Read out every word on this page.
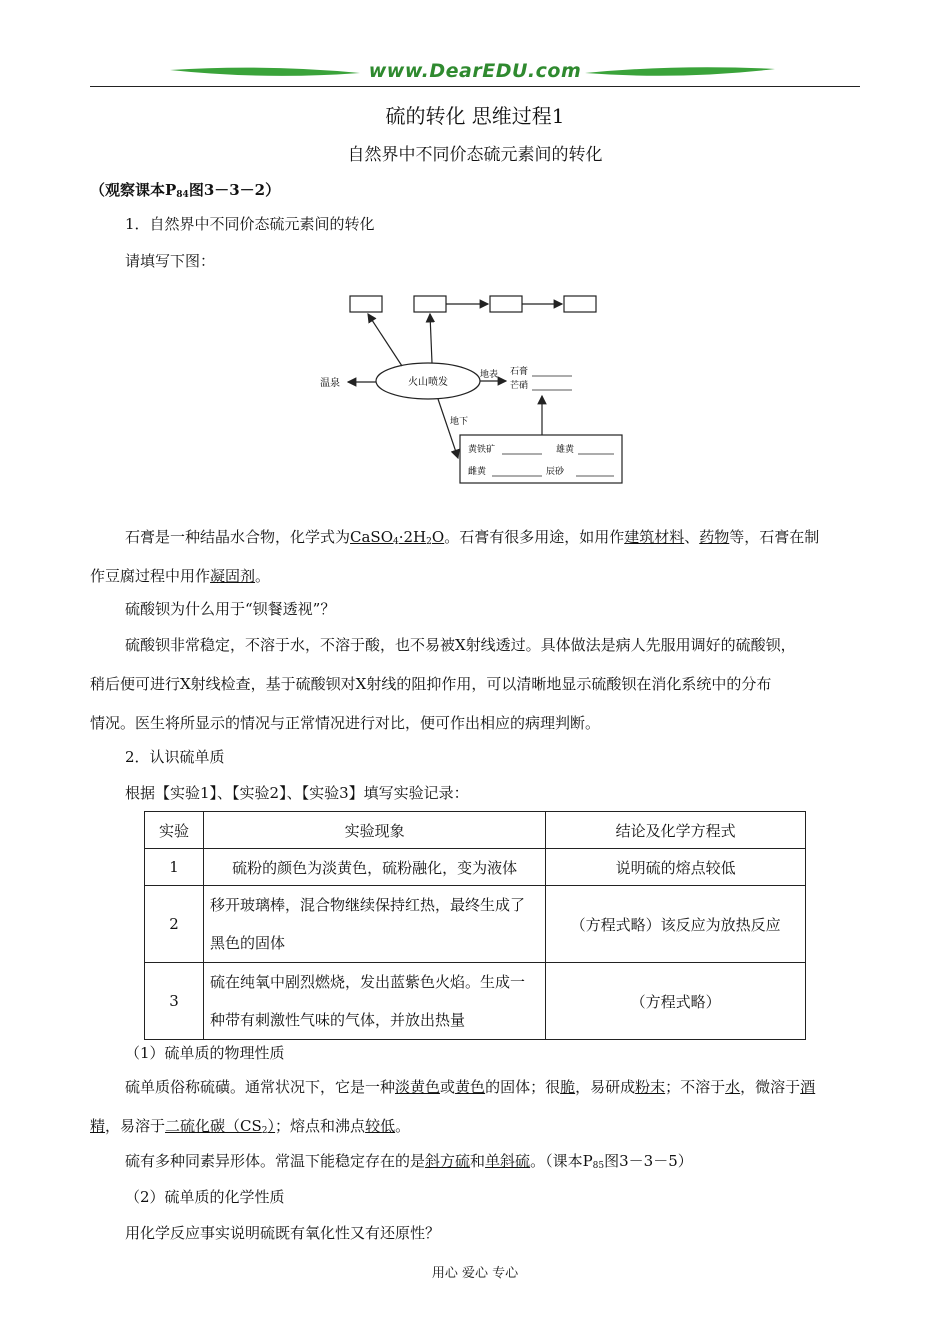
www.DearEDU.com
硫的转化 思维过程1
自然界中不同价态硫元素间的转化
（观察课本$P_{84}$图3－3－2）
1．自然界中不同价态硫元素间的转化
请填写下图：
火山喷发
温泉
地表 石膏
芒硝
地下
黄铁矿	雄黄
雌黄	辰砂
石膏是一种结晶水合物，化学式为$CaSO_4\cdot 2H_2O$。石膏有很多用途，如用作建筑材料、药物等，石膏在制
作豆腐过程中用作凝固剂。
硫酸钡为什么用于“钡餐透视”？
硫酸钡非常稳定，不溶于水，不溶于酸，也不易被X射线透过。具体做法是病人先服用调好的硫酸钡，
稍后便可进行X射线检查，基于硫酸钡对X射线的阻抑作用，可以清晰地显示硫酸钡在消化系统中的分布
情况。医生将所显示的情况与正常情况进行对比，便可作出相应的病理判断。
2．认识硫单质
根据【实验1】、【实验2】、【实验3】填写实验记录：
实验	实验现象	结论及化学方程式
1	硫粉的颜色为淡黄色，硫粉融化，变为液体	说明硫的熔点较低
2	移开玻璃棒，混合物继续保持红热，最终生成了黑色的固体	（方程式略）该反应为放热反应
3	硫在纯氧中剧烈燃烧，发出蓝紫色火焰。生成一种带有刺激性气味的气体，并放出热量	（方程式略）
（1）硫单质的物理性质
硫单质俗称硫磺。通常状况下，它是一种淡黄色或黄色的固体；很脆，易研成粉末；不溶于水，微溶于酒
精，易溶于二硫化碳$(CS_2)$；熔点和沸点较低。
硫有多种同素异形体。常温下能稳定存在的是斜方硫和单斜硫。（课本$P_{85}$图3－3－5）
（2）硫单质的化学性质
用化学反应事实说明硫既有氧化性又有还原性？
用心 爱心 专心
